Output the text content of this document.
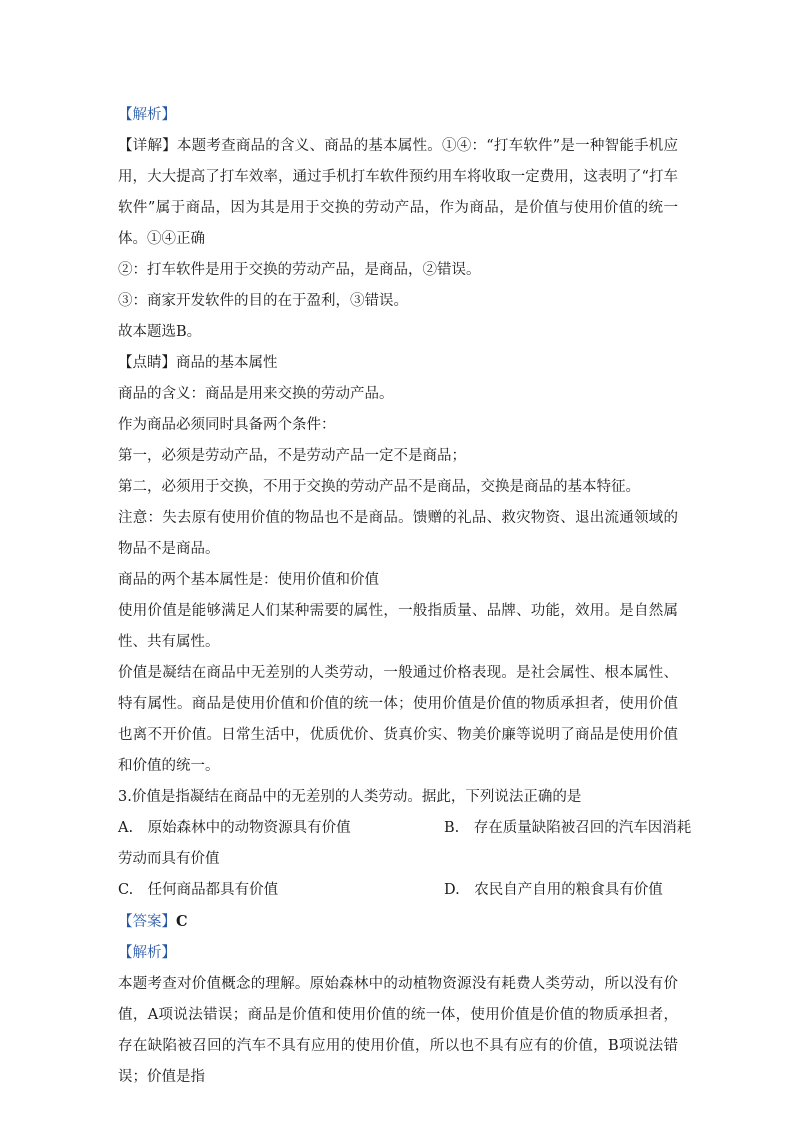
【解析】

【详解】本题考查商品的含义、商品的基本属性。①④：“打车软件”是一种智能手机应用，大大提高了打车效率，通过手机打车软件预约用车将收取一定费用，这表明了“打车软件”属于商品，因为其是用于交换的劳动产品，作为商品，是价值与使用价值的统一体。①④正确

②：打车软件是用于交换的劳动产品，是商品，②错误。

③：商家开发软件的目的在于盈利，③错误。

故本题选B。

【点睛】商品的基本属性

商品的含义：商品是用来交换的劳动产品。

作为商品必须同时具备两个条件：

第一，必须是劳动产品，不是劳动产品一定不是商品；

第二，必须用于交换，不用于交换的劳动产品不是商品，交换是商品的基本特征。

注意：失去原有使用价值的物品也不是商品。馈赠的礼品、救灾物资、退出流通领域的物品不是商品。

商品的两个基本属性是：使用价值和价值

使用价值是能够满足人们某种需要的属性，一般指质量、品牌、功能，效用。是自然属性、共有属性。

价值是凝结在商品中无差别的人类劳动，一般通过价格表现。是社会属性、根本属性、特有属性。商品是使用价值和价值的统一体；使用价值是价值的物质承担者，使用价值也离不开价值。日常生活中，优质优价、货真价实、物美价廉等说明了商品是使用价值和价值的统一。

3.价值是指凝结在商品中的无差别的人类劳动。据此，下列说法正确的是

A.　原始森林中的动物资源具有价值	B.　存在质量缺陷被召回的汽车因消耗
劳动而具有价值
C.　任何商品都具有价值	D.　农民自产自用的粮食具有价值

【答案】C

【解析】

本题考查对价值概念的理解。原始森林中的动植物资源没有耗费人类劳动，所以没有价值，A项说法错误；商品是价值和使用价值的统一体，使用价值是价值的物质承担者，存在缺陷被召回的汽车不具有应用的使用价值，所以也不具有应有的价值，B项说法错误；价值是指
